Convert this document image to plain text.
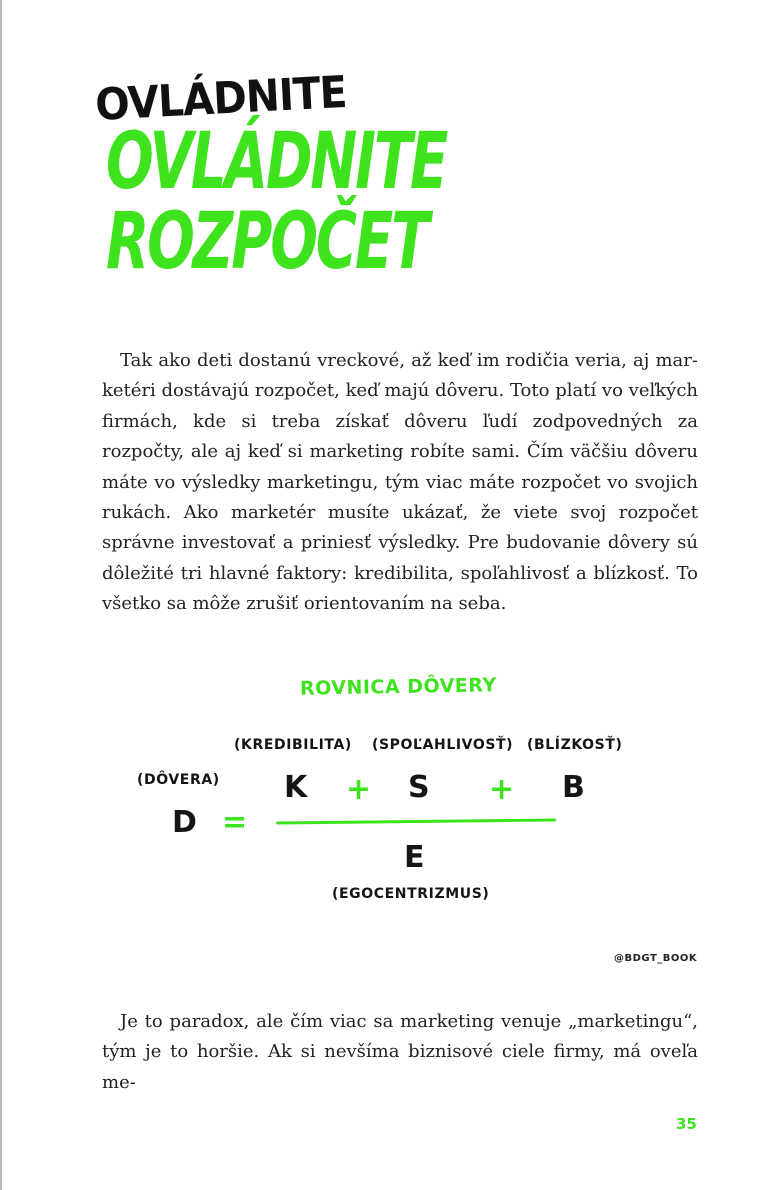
OVLÁDNITE
ROZPOČET
OVLÁDNITE

Tak ako deti dostanú vreckové, až keď im rodičia veria, aj marketéri dostávajú rozpočet, keď majú dôveru. Toto platí vo veľkých firmách, kde si treba získať dôveru ľudí zodpovedných za rozpočty, ale aj keď si marketing robíte sami. Čím väčšiu dôveru máte vo výsledky marketingu, tým viac máte rozpočet vo svojich rukách. Ako marketér musíte ukázať, že viete svoj rozpočet správne investovať a priniesť výsledky. Pre budovanie dôvery sú dôležité tri hlavné faktory: kredibilita, spoľahlivosť a blízkosť. To všetko sa môže zrušiť orientovaním na seba.

ROVNICA DÔVERY
(KREDIBILITA) (SPOĽAHLIVOSŤ) (BLÍZKOSŤ)
(DÔVERA) K + S + B
D =
E
(EGOCENTRIZMUS)
@BDGT_BOOK

Je to paradox, ale čím viac sa marketing venuje „marketingu“, tým je to horšie. Ak si nevšíma biznisové ciele firmy, má oveľa me-

35
